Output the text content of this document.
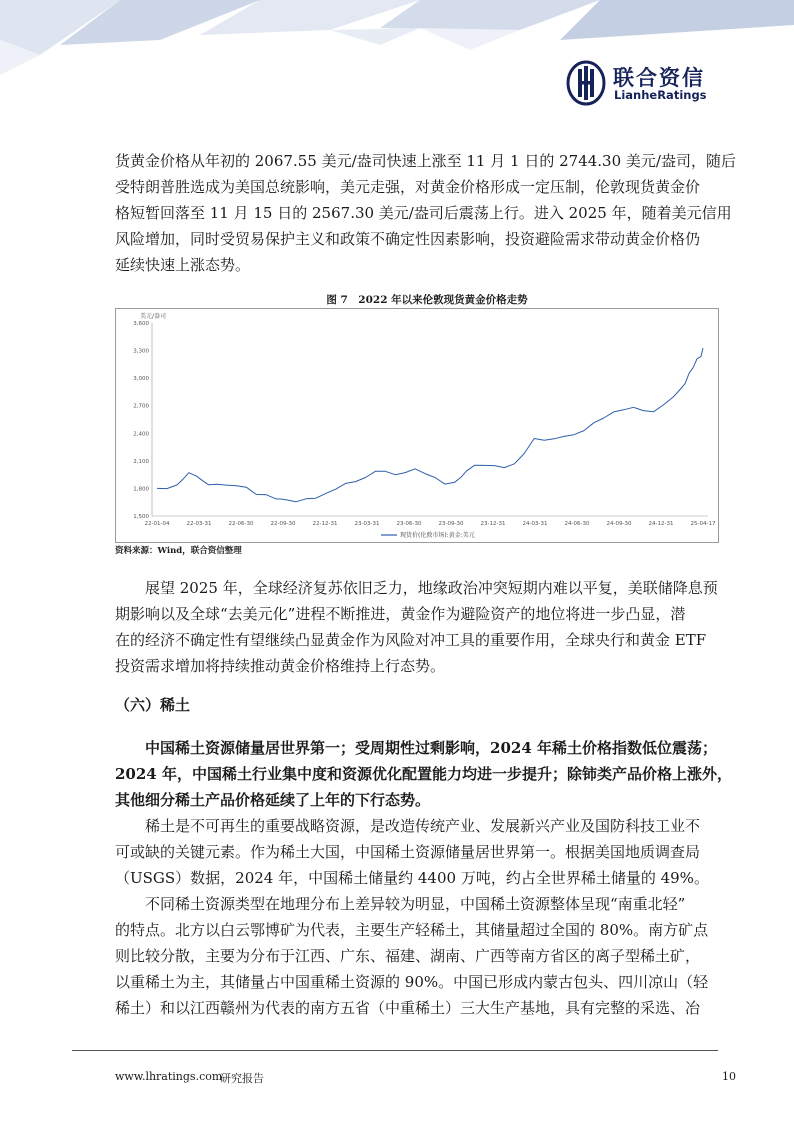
联合资信
LianheRatings

货黄金价格从年初的 2067.55 美元/盎司快速上涨至 11 月 1 日的 2744.30 美元/盎司，随后
受特朗普胜选成为美国总统影响，美元走强，对黄金价格形成一定压制，伦敦现货黄金价
格短暂回落至 11 月 15 日的 2567.30 美元/盎司后震荡上行。进入 2025 年，随着美元信用
风险增加，同时受贸易保护主义和政策不确定性因素影响，投资避险需求带动黄金价格仍
延续快速上涨态势。

图 7　2022 年以来伦敦现货黄金价格走势
美元/盎司
1,500
1,800
2,100
2,400
2,700
3,000
3,300
3,600
22-01-04	22-03-31	22-06-30	22-09-30	22-12-31	23-03-31	23-06-30	23-09-30	23-12-31	24-03-31	24-06-30	24-09-30	24-12-31	25-04-17
现货价(伦敦市场):黄金:美元
资料来源：Wind，联合资信整理

展望 2025 年，全球经济复苏依旧乏力，地缘政治冲突短期内难以平复，美联储降息预
期影响以及全球“去美元化”进程不断推进，黄金作为避险资产的地位将进一步凸显，潜
在的经济不确定性有望继续凸显黄金作为风险对冲工具的重要作用，全球央行和黄金 ETF
投资需求增加将持续推动黄金价格维持上行态势。

（六）稀土

中国稀土资源储量居世界第一；受周期性过剩影响，2024 年稀土价格指数低位震荡；
2024 年，中国稀土行业集中度和资源优化配置能力均进一步提升；除铈类产品价格上涨外，
其他细分稀土产品价格延续了上年的下行态势。

稀土是不可再生的重要战略资源，是改造传统产业、发展新兴产业及国防科技工业不
可或缺的关键元素。作为稀土大国，中国稀土资源储量居世界第一。根据美国地质调查局
（USGS）数据，2024 年，中国稀土储量约 4400 万吨，约占全世界稀土储量的 49%。

不同稀土资源类型在地理分布上差异较为明显，中国稀土资源整体呈现“南重北轻”
的特点。北方以白云鄂博矿为代表，主要生产轻稀土，其储量超过全国的 80%。南方矿点
则比较分散，主要为分布于江西、广东、福建、湖南、广西等南方省区的离子型稀土矿，
以重稀土为主，其储量占中国重稀土资源的 90%。中国已形成内蒙古包头、四川凉山（轻
稀土）和以江西赣州为代表的南方五省（中重稀土）三大生产基地，具有完整的采选、冶

www.lhratings.com
研究报告	10
